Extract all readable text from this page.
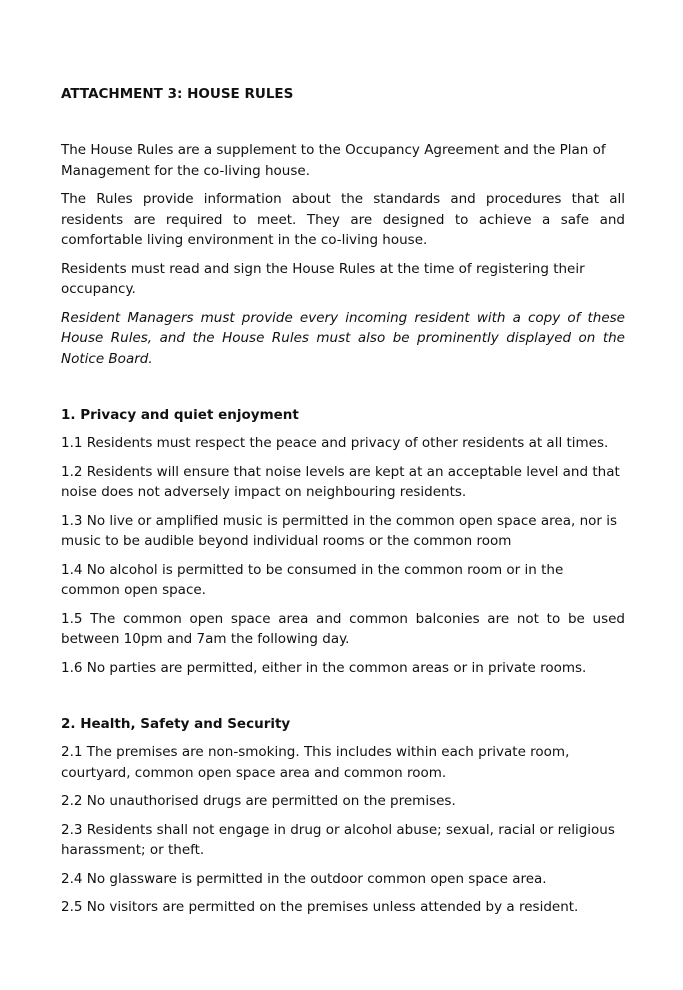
ATTACHMENT 3: HOUSE RULES

The House Rules are a supplement to the Occupancy Agreement and the Plan of Management for the co-living house.

The Rules provide information about the standards and procedures that all residents are required to meet. They are designed to achieve a safe and comfortable living environment in the co-living house.

Residents must read and sign the House Rules at the time of registering their occupancy.

Resident Managers must provide every incoming resident with a copy of these House Rules, and the House Rules must also be prominently displayed on the Notice Board.

1. Privacy and quiet enjoyment

1.1 Residents must respect the peace and privacy of other residents at all times.

1.2 Residents will ensure that noise levels are kept at an acceptable level and that noise does not adversely impact on neighbouring residents.

1.3 No live or amplified music is permitted in the common open space area, nor is music to be audible beyond individual rooms or the common room

1.4 No alcohol is permitted to be consumed in the common room or in the common open space.

1.5 The common open space area and common balconies are not to be used between 10pm and 7am the following day.

1.6 No parties are permitted, either in the common areas or in private rooms.

2. Health, Safety and Security

2.1 The premises are non-smoking. This includes within each private room, courtyard, common open space area and common room.

2.2 No unauthorised drugs are permitted on the premises.

2.3 Residents shall not engage in drug or alcohol abuse; sexual, racial or religious harassment; or theft.

2.4 No glassware is permitted in the outdoor common open space area.

2.5 No visitors are permitted on the premises unless attended by a resident.
